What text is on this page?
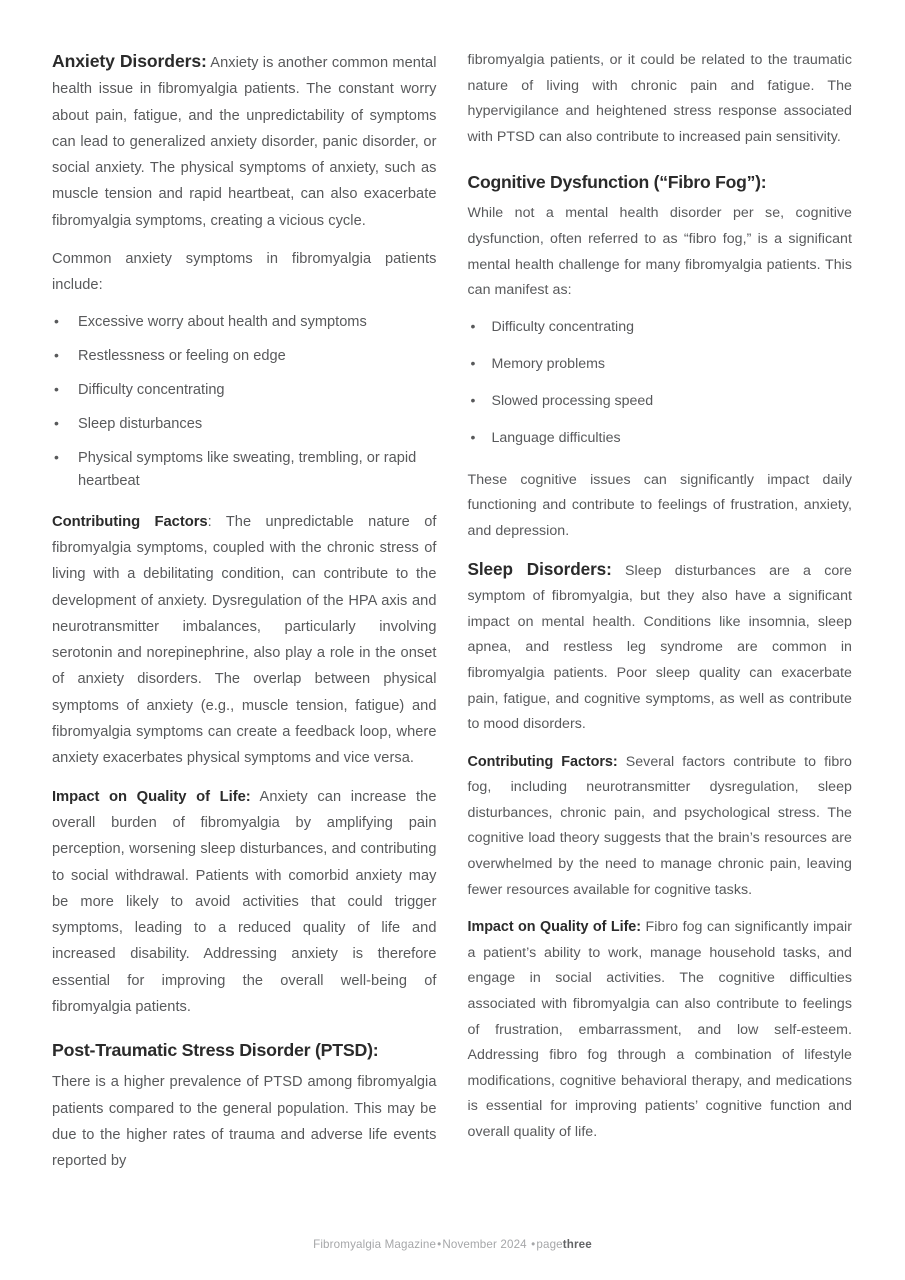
Anxiety Disorders: Anxiety is another common mental health issue in fibromyalgia patients. The constant worry about pain, fatigue, and the unpredictability of symptoms can lead to generalized anxiety disorder, panic disorder, or social anxiety. The physical symptoms of anxiety, such as muscle tension and rapid heartbeat, can also exacerbate fibromyalgia symptoms, creating a vicious cycle.

Common anxiety symptoms in fibromyalgia patients include:

• Excessive worry about health and symptoms
• Restlessness or feeling on edge
• Difficulty concentrating
• Sleep disturbances
• Physical symptoms like sweating, trembling, or rapid heartbeat

Contributing Factors: The unpredictable nature of fibromyalgia symptoms, coupled with the chronic stress of living with a debilitating condition, can contribute to the development of anxiety. Dysregulation of the HPA axis and neurotransmitter imbalances, particularly involving serotonin and norepinephrine, also play a role in the onset of anxiety disorders. The overlap between physical symptoms of anxiety (e.g., muscle tension, fatigue) and fibromyalgia symptoms can create a feedback loop, where anxiety exacerbates physical symptoms and vice versa.

Impact on Quality of Life: Anxiety can increase the overall burden of fibromyalgia by amplifying pain perception, worsening sleep disturbances, and contributing to social withdrawal. Patients with comorbid anxiety may be more likely to avoid activities that could trigger symptoms, leading to a reduced quality of life and increased disability. Addressing anxiety is therefore essential for improving the overall well-being of fibromyalgia patients.

Post-Traumatic Stress Disorder (PTSD):

There is a higher prevalence of PTSD among fibromyalgia patients compared to the general population. This may be due to the higher rates of trauma and adverse life events reported by

fibromyalgia patients, or it could be related to the traumatic nature of living with chronic pain and fatigue. The hypervigilance and heightened stress response associated with PTSD can also contribute to increased pain sensitivity.

Cognitive Dysfunction (“Fibro Fog”):

While not a mental health disorder per se, cognitive dysfunction, often referred to as “fibro fog,” is a significant mental health challenge for many fibromyalgia patients. This can manifest as:

• Difficulty concentrating
• Memory problems
• Slowed processing speed
• Language difficulties

These cognitive issues can significantly impact daily functioning and contribute to feelings of frustration, anxiety, and depression.

Sleep Disorders: Sleep disturbances are a core symptom of fibromyalgia, but they also have a significant impact on mental health. Conditions like insomnia, sleep apnea, and restless leg syndrome are common in fibromyalgia patients. Poor sleep quality can exacerbate pain, fatigue, and cognitive symptoms, as well as contribute to mood disorders.

Contributing Factors: Several factors contribute to fibro fog, including neurotransmitter dysregulation, sleep disturbances, chronic pain, and psychological stress. The cognitive load theory suggests that the brain’s resources are overwhelmed by the need to manage chronic pain, leaving fewer resources available for cognitive tasks.

Impact on Quality of Life: Fibro fog can significantly impair a patient’s ability to work, manage household tasks, and engage in social activities. The cognitive difficulties associated with fibromyalgia can also contribute to feelings of frustration, embarrassment, and low self-esteem. Addressing fibro fog through a combination of lifestyle modifications, cognitive behavioral therapy, and medications is essential for improving patients’ cognitive function and overall quality of life.

Fibromyalgia Magazine•November 2024 •pagethree
